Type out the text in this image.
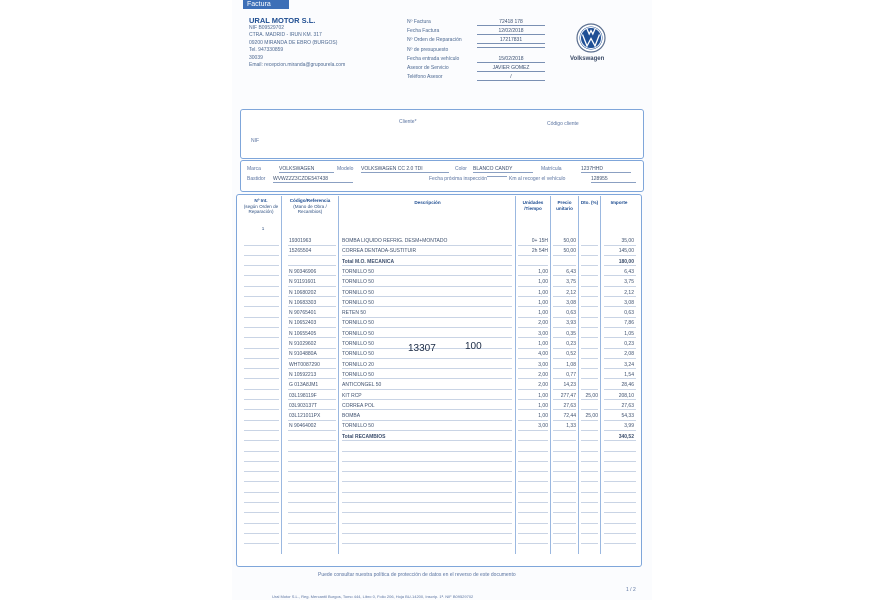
Factura
URAL MOTOR S.L.
NIF B09529702
CTRA. MADRID - IRUN KM. 317
09200 MIRANDA DE EBRO (BURGOS)
Tel. 947330859
30039
Email: recepcion.miranda@grupourela.com
Nº Factura	72418 178
Fecha Factura	12/02/2018
Nº Orden de Reparación	17217831
Nº de presupuesto
Fecha entrada vehículo	15/02/2018
Asesor de Servicio	JAVIER GOMEZ
Teléfono Asesor	/
Volkswagen
Cliente*	Código cliente
NIF
Marca	VOLKSWAGEN	Modelo VOLKSWAGEN CC 2.0 TDI	Color BLANCO CANDY	Matrícula	1237HHD
Bastidor WVWZZZ3CZDE547438	Fecha próxima inspección	Km al recoger el vehículo	128955
Nº Int.
(según Orden de Reparación)
1
Código/Referencia
(Mano de Obra / Recambios)
Descripción	Unidades /Tiempo
Precio unitario
Dto. (%)	Importe
19301963	BOMBA LIQUIDO REFRIG. DESM+MONTADO	0+ 15H	50,00	35,00
15265504	CORREA DENTADA-SUSTITUIR	2h 54H	50,00	145,00
Total M.O. MECANICA	180,00
N 90346906	TORNILLO 50	1,00	6,43	6,43
N 91191601	TORNILLO 50	1,00	3,75	3,75
N 10680202	TORNILLO 50	1,00	2,12	2,12
N 10683303	TORNILLO 50	1,00	3,08	3,08
N 90765401	RETEN 50	1,00	0,63	0,63
N 10652403	TORNILLO 50	2,00	3,93	7,86
N 10655405	TORNILLO 50	3,00	0,35	1,05
N 91029602	TORNILLO 50	1,00	0,23	0,23
N 9104880A	TORNILLO 50	4,00	0,52	2,08
WHT0087290	TORNILLO 20	3,00	1,08	3,24
N 10592213	TORNILLO 50	2,00	0,77	1,54
G 013A8JM1	ANTICONGEL 50	2,00	14,23	28,46
03L198119F	KIT RCP	1,00	277,47	25,00	208,10
03L903137T	CORREA POL	1,00	27,63	27,63
03L121011PX	BOMBA	1,00	72,44	25,00	54,33
N 90464002	TORNILLO 50	3,00	1,33	3,99
Total RECAMBIOS	340,52
13307	100
Puede consultar nuestra política de protección de datos en el reverso de este documento
1 / 2
Ural Motor S.L., Reg. Mercantil Burgos, Tomo 444, Libro 0, Folio 206, Hoja BU-14200, Inscrip. 1ª. NIF B09529702
